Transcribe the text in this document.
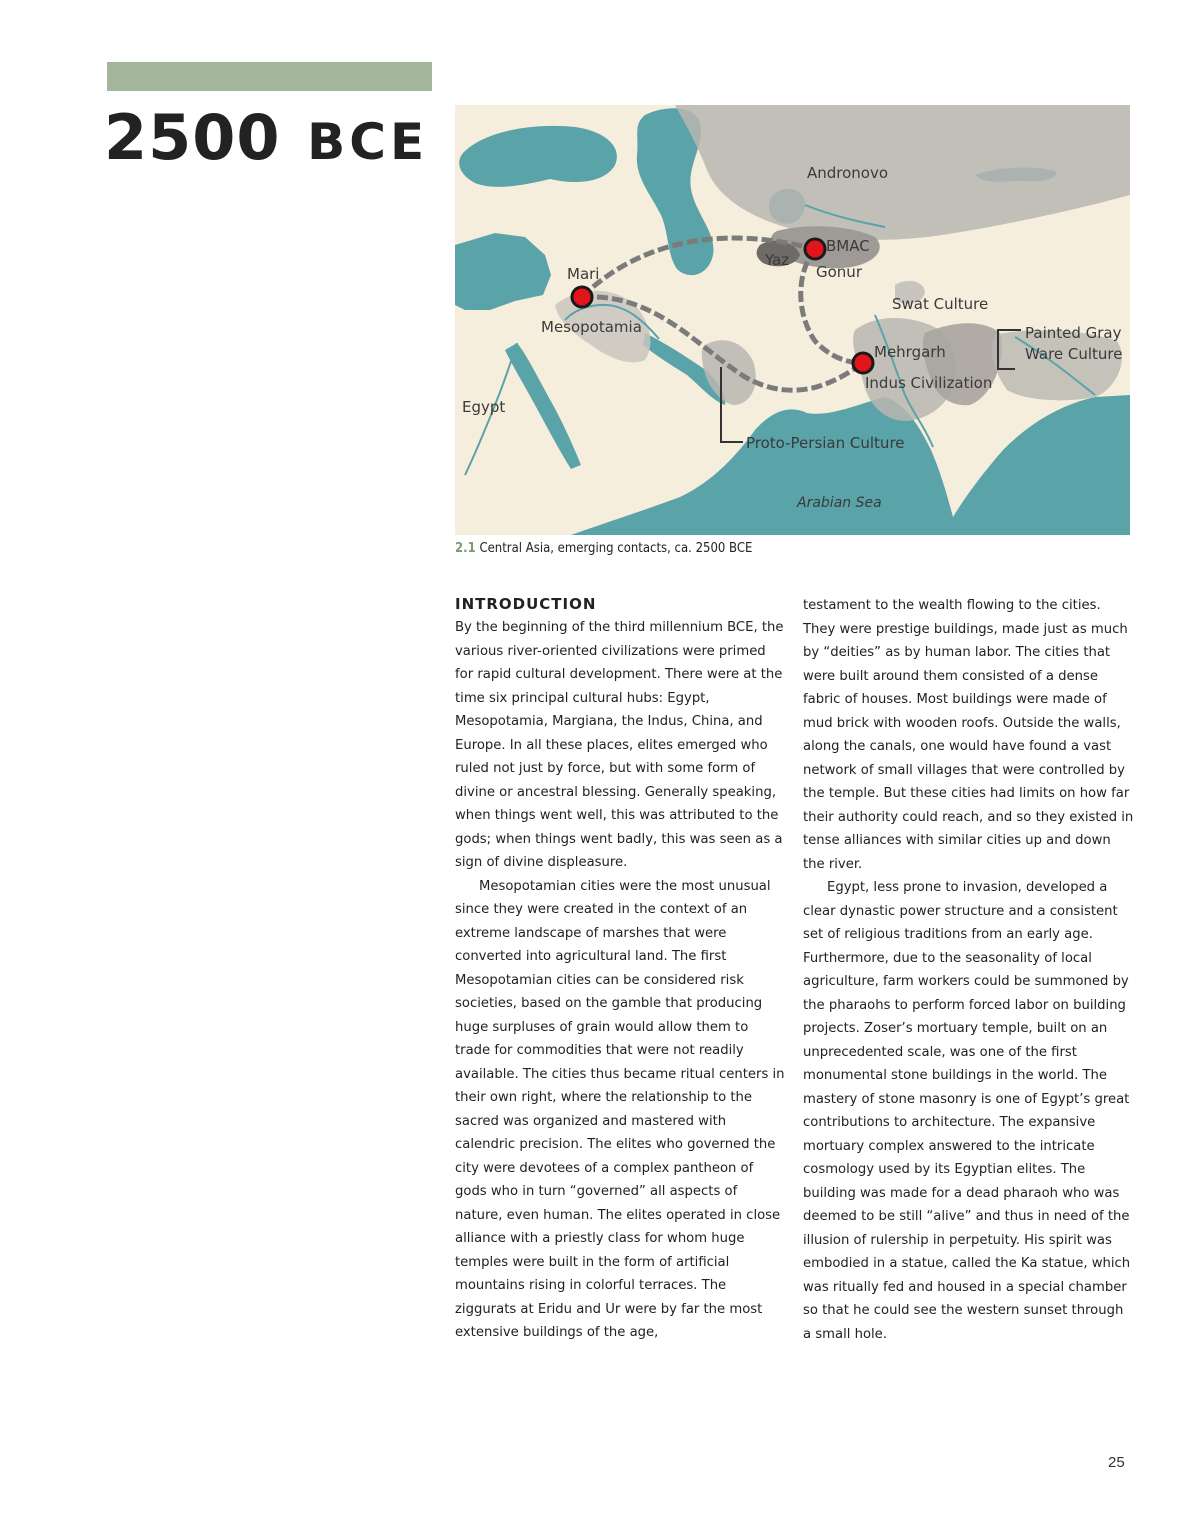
2500 BCE
Andronovo
BMAC
Yaz
Gonur
Mari
Mesopotamia
Swat Culture
Painted Gray
Ware Culture
Mehrgarh
Indus Civilization
Egypt
Proto-Persian Culture
Arabian Sea

2.1 Central Asia, emerging contacts, ca. 2500 BCE

INTRODUCTION

By the beginning of the third millennium BCE, the various river-oriented civilizations were primed for rapid cultural development. There were at the time six principal cultural hubs: Egypt, Mesopotamia, Margiana, the Indus, China, and Europe. In all these places, elites emerged who ruled not just by force, but with some form of divine or ancestral blessing. Generally speaking, when things went well, this was attributed to the gods; when things went badly, this was seen as a sign of divine displeasure.

Mesopotamian cities were the most unusual since they were created in the context of an extreme landscape of marshes that were converted into agricultural land. The first Mesopotamian cities can be considered risk societies, based on the gamble that producing huge surpluses of grain would allow them to trade for commodities that were not readily available. The cities thus became ritual centers in their own right, where the relationship to the sacred was organized and mastered with calendric precision. The elites who governed the city were devotees of a complex pantheon of gods who in turn “governed” all aspects of nature, even human. The elites operated in close alliance with a priestly class for whom huge temples were built in the form of artificial mountains rising in colorful terraces. The ziggurats at Eridu and Ur were by far the most extensive buildings of the age,

testament to the wealth flowing to the cities. They were prestige buildings, made just as much by “deities” as by human labor. The cities that were built around them consisted of a dense fabric of houses. Most buildings were made of mud brick with wooden roofs. Outside the walls, along the canals, one would have found a vast network of small villages that were controlled by the temple. But these cities had limits on how far their authority could reach, and so they existed in tense alliances with similar cities up and down the river.

Egypt, less prone to invasion, developed a clear dynastic power structure and a consistent set of religious traditions from an early age. Furthermore, due to the seasonality of local agriculture, farm workers could be summoned by the pharaohs to perform forced labor on building projects. Zoser’s mortuary temple, built on an unprecedented scale, was one of the first monumental stone buildings in the world. The mastery of stone masonry is one of Egypt’s great contributions to architecture. The expansive mortuary complex answered to the intricate cosmology used by its Egyptian elites. The building was made for a dead pharaoh who was deemed to be still “alive” and thus in need of the illusion of rulership in perpetuity. His spirit was embodied in a statue, called the Ka statue, which was ritually fed and housed in a special chamber so that he could see the western sunset through a small hole.

25
